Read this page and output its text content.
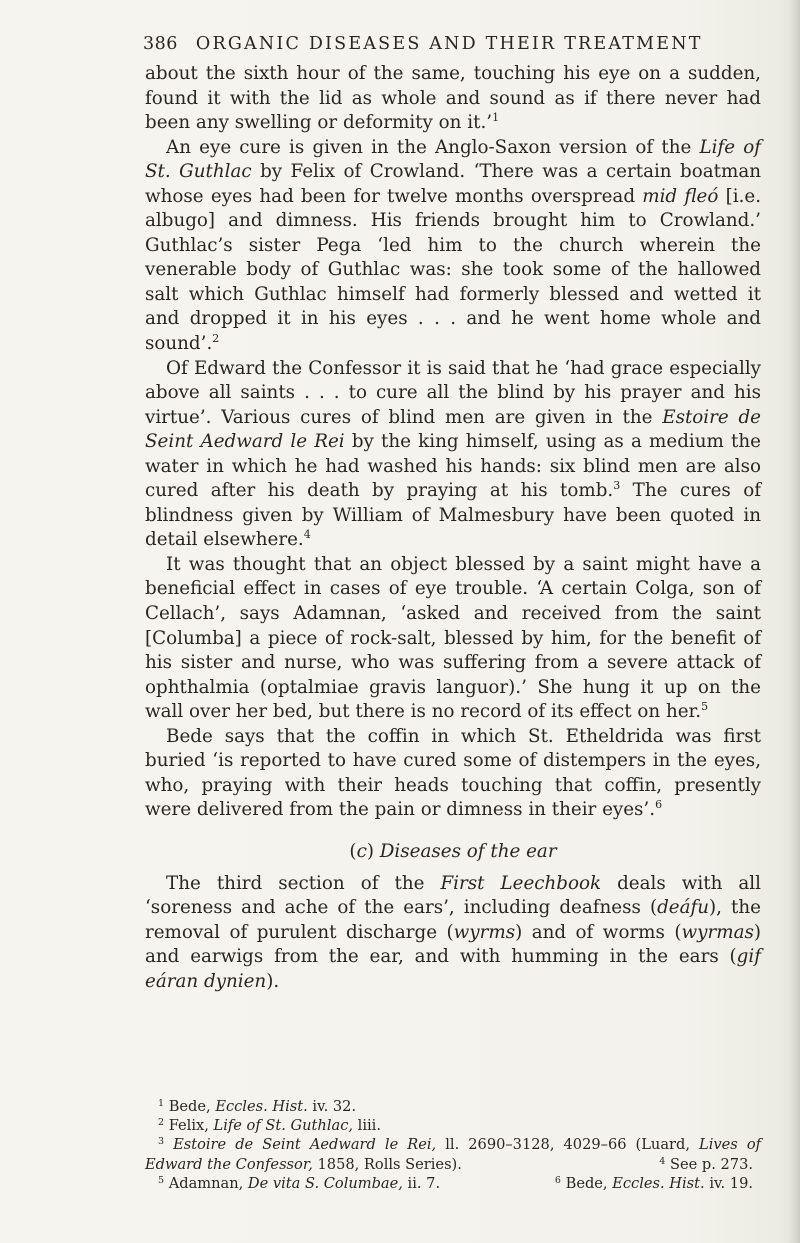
386 ORGANIC DISEASES AND THEIR TREATMENT

about the sixth hour of the same, touching his eye on a sudden, found it with the lid as whole and sound as if there never had been any swelling or deformity on it.’$^1$

An eye cure is given in the Anglo-Saxon version of the Life of St. Guthlac by Felix of Crowland. ‘There was a certain boatman whose eyes had been for twelve months overspread mid fleó [i.e. albugo] and dimness. His friends brought him to Crowland.’ Guthlac’s sister Pega ‘led him to the church wherein the venerable body of Guthlac was: she took some of the hallowed salt which Guthlac himself had formerly blessed and wetted it and dropped it in his eyes . . . and he went home whole and sound’.$^2$

Of Edward the Confessor it is said that he ‘had grace especially above all saints . . . to cure all the blind by his prayer and his virtue’. Various cures of blind men are given in the Estoire de Seint Aedward le Rei by the king himself, using as a medium the water in which he had washed his hands: six blind men are also cured after his death by praying at his tomb.$^3$ The cures of blindness given by William of Malmesbury have been quoted in detail elsewhere.$^4$

It was thought that an object blessed by a saint might have a beneficial effect in cases of eye trouble. ‘A certain Colga, son of Cellach’, says Adamnan, ‘asked and received from the saint [Columba] a piece of rock-salt, blessed by him, for the benefit of his sister and nurse, who was suffering from a severe attack of ophthalmia (optalmiae gravis languor).’ She hung it up on the wall over her bed, but there is no record of its effect on her.$^5$

Bede says that the coffin in which St. Etheldrida was first buried ‘is reported to have cured some of distempers in the eyes, who, praying with their heads touching that coffin, presently were delivered from the pain or dimness in their eyes’.$^6$

(c) Diseases of the ear

The third section of the First Leechbook deals with all ‘soreness and ache of the ears’, including deafness (deáfu), the removal of purulent discharge (wyrms) and of worms (wyrmas) and earwigs from the ear, and with humming in the ears (gif eáran dynien).

$^1$ Bede, Eccles. Hist. iv. 32.
$^2$ Felix, Life of St. Guthlac, liii.
$^3$ Estoire de Seint Aedward le Rei, ll. 2690–3128, 4029–66 (Luard, Lives of Edward the Confessor, 1858, Rolls Series).	$^4$ See p. 273.
$^5$ Adamnan, De vita S. Columbae, ii. 7.	$^6$ Bede, Eccles. Hist. iv. 19.
